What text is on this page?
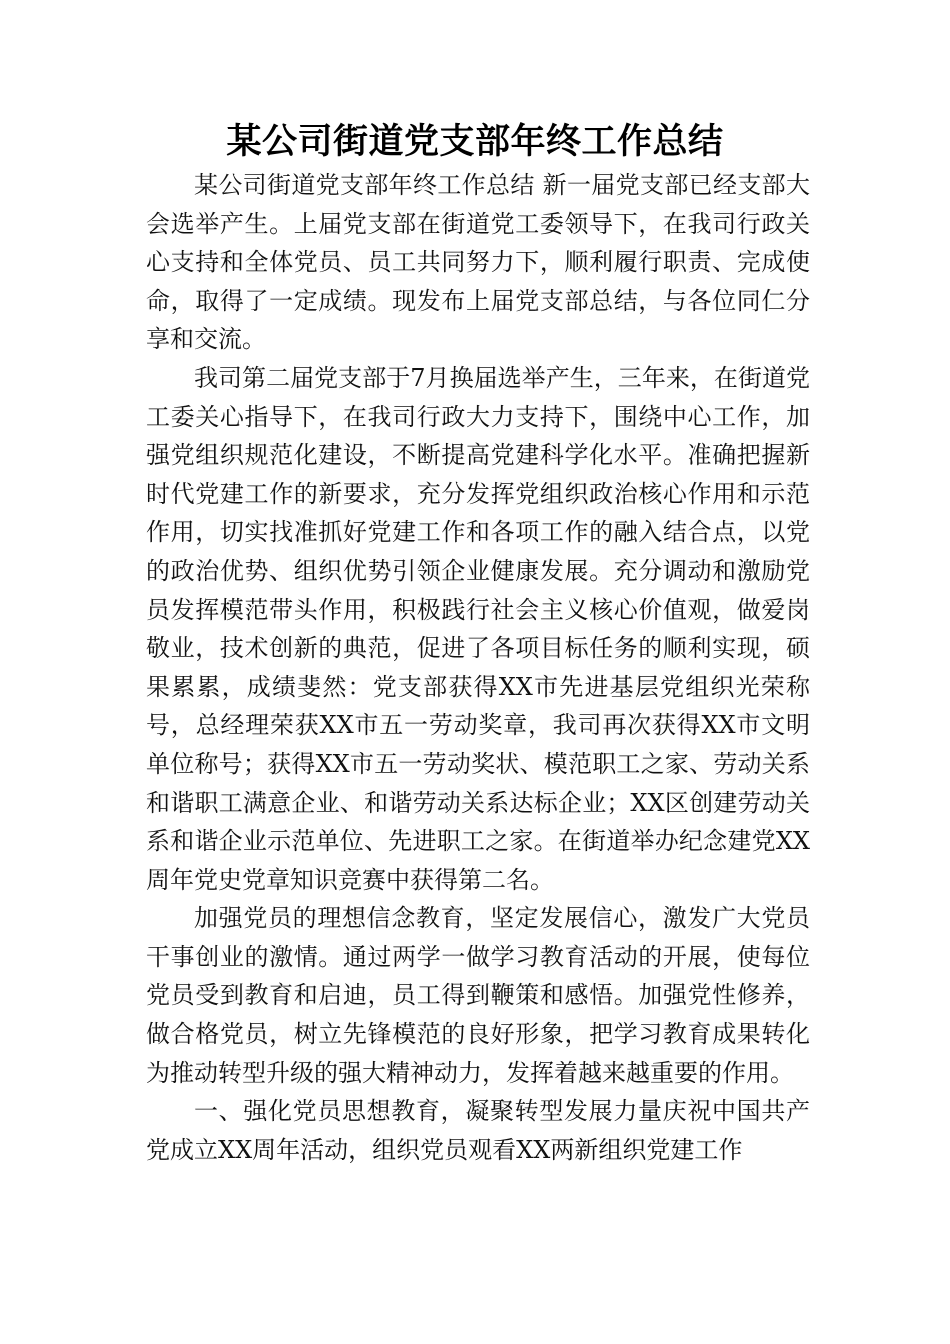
某公司街道党支部年终工作总结

某公司街道党支部年终工作总结 新一届党支部已经支部大会选举产生。上届党支部在街道党工委领导下，在我司行政关心支持和全体党员、员工共同努力下，顺利履行职责、完成使命，取得了一定成绩。现发布上届党支部总结，与各位同仁分享和交流。

我司第二届党支部于7月换届选举产生，三年来，在街道党工委关心指导下，在我司行政大力支持下，围绕中心工作，加强党组织规范化建设，不断提高党建科学化水平。准确把握新时代党建工作的新要求，充分发挥党组织政治核心作用和示范作用，切实找准抓好党建工作和各项工作的融入结合点，以党的政治优势、组织优势引领企业健康发展。充分调动和激励党员发挥模范带头作用，积极践行社会主义核心价值观，做爱岗敬业，技术创新的典范，促进了各项目标任务的顺利实现，硕果累累，成绩斐然：党支部获得XX市先进基层党组织光荣称号，总经理荣获XX市五一劳动奖章，我司再次获得XX市文明单位称号；获得XX市五一劳动奖状、模范职工之家、劳动关系和谐职工满意企业、和谐劳动关系达标企业；XX区创建劳动关系和谐企业示范单位、先进职工之家。在街道举办纪念建党XX周年党史党章知识竞赛中获得第二名。

加强党员的理想信念教育，坚定发展信心，激发广大党员干事创业的激情。通过两学一做学习教育活动的开展，使每位党员受到教育和启迪，员工得到鞭策和感悟。加强党性修养，做合格党员，树立先锋模范的良好形象，把学习教育成果转化为推动转型升级的强大精神动力，发挥着越来越重要的作用。

一、强化党员思想教育，凝聚转型发展力量庆祝中国共产党成立XX周年活动，组织党员观看XX两新组织党建工作
